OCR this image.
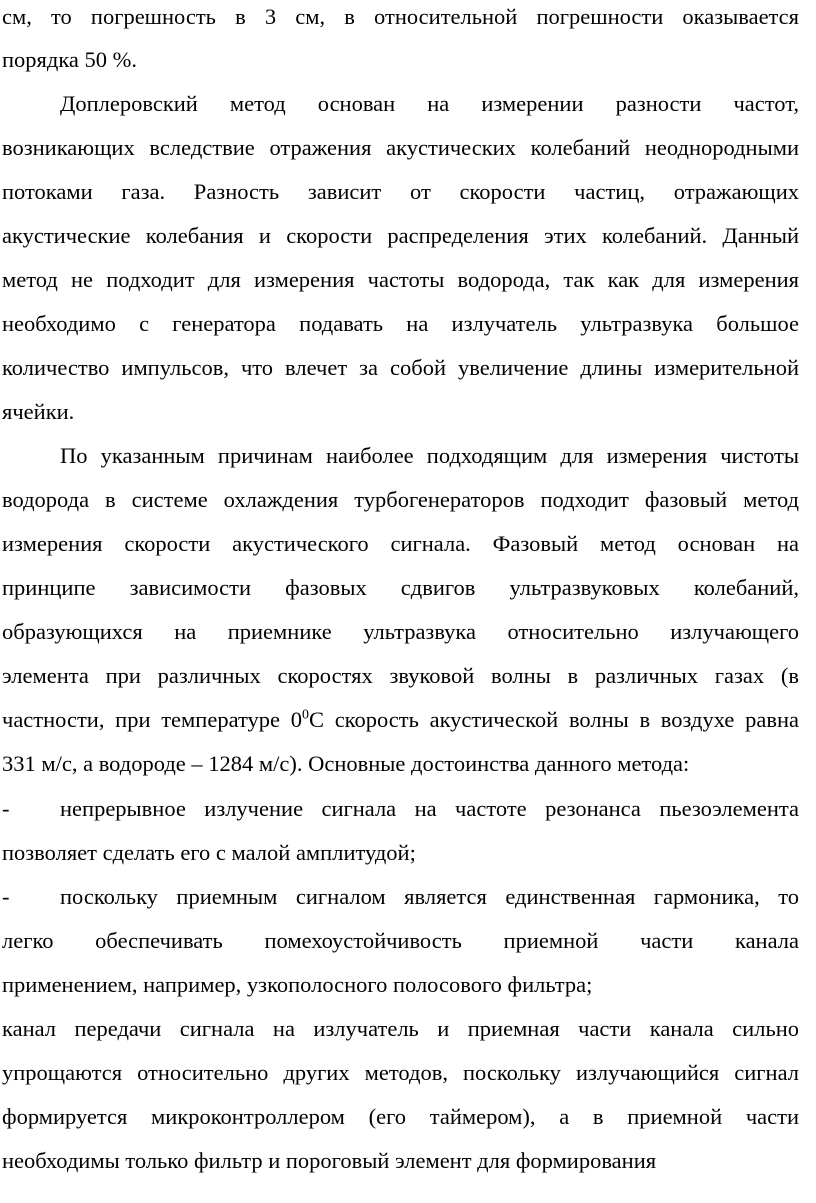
см, то погрешность в 3 см, в относительной погрешности оказывается
порядка 50 %.
Доплеровский метод основан на измерении разности частот,
возникающих вследствие отражения акустических колебаний неоднородными
потоками газа. Разность зависит от скорости частиц, отражающих
акустические колебания и скорости распределения этих колебаний. Данный
метод не подходит для измерения частоты водорода, так как для измерения
необходимо с генератора подавать на излучатель ультразвука большое
количество импульсов, что влечет за собой увеличение длины измерительной
ячейки.
По указанным причинам наиболее подходящим для измерения чистоты
водорода в системе охлаждения турбогенераторов подходит фазовый метод
измерения скорости акустического сигнала. Фазовый метод основан на
принципе зависимости фазовых сдвигов ультразвуковых колебаний,
образующихся на приемнике ультразвука относительно излучающего
элемента при различных скоростях звуковой волны в различных газах (в
частности, при температуре $0^0С$ скорость акустической волны в воздухе равна
331 м/с, а водороде – 1284 м/с). Основные достоинства данного метода:
-	непрерывное излучение сигнала на частоте резонанса пьезоэлемента
позволяет сделать его с малой амплитудой;
-	поскольку приемным сигналом является единственная гармоника, то
легко обеспечивать помехоустойчивость приемной части канала
применением, например, узкополосного полосового фильтра;
канал передачи сигнала на излучатель и приемная части канала сильно
упрощаются относительно других методов, поскольку излучающийся сигнал
формируется микроконтроллером (его таймером), а в приемной части
необходимы только фильтр и пороговый элемент для формирования
